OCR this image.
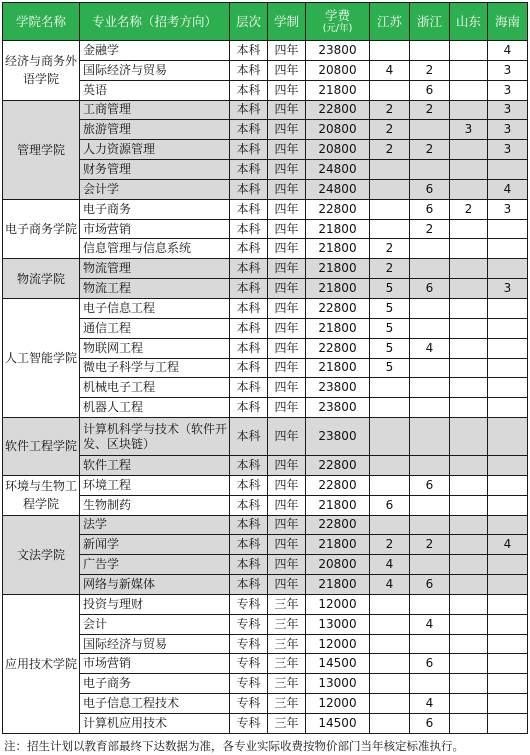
学院名称	专业名称（招考方向）	层次	学制	学费
(元/年)	江苏	浙江	山东	海南
经济与商务外语学院	金融学	本科	四年	23800				4
	国际经济与贸易	本科	四年	20800	4	2		3
	英语	本科	四年	21800		6		3
管理学院	工商管理	本科	四年	22800	2	2		3
	旅游管理	本科	四年	20800	2		3	3
	人力资源管理	本科	四年	20800	2	2		3
	财务管理	本科	四年	24800				
	会计学	本科	四年	24800		6		4
电子商务学院	电子商务	本科	四年	22800		6	2	3
	市场营销	本科	四年	21800		2		
	信息管理与信息系统	本科	四年	21800	2			
物流学院	物流管理	本科	四年	21800	2			
	物流工程	本科	四年	21800	5	6		3
人工智能学院	电子信息工程	本科	四年	22800	5			
	通信工程	本科	四年	21800	5			
	物联网工程	本科	四年	22800	5	4		
	微电子科学与工程	本科	四年	21800	5			
	机械电子工程	本科	四年	23800				
	机器人工程	本科	四年	23800				
软件工程学院	计算机科学与技术（软件开发、区块链）	本科	四年	23800				
	软件工程	本科	四年	22800				
环境与生物工程学院	环境工程	本科	四年	22800		6		
	生物制药	本科	四年	21800	6			
文法学院	法学	本科	四年	22800				
	新闻学	本科	四年	21800	2	2		4
	广告学	本科	四年	20800	4			
	网络与新媒体	本科	四年	21800	4	6		
应用技术学院	投资与理财	专科	三年	12000				
	会计	专科	三年	13000		4		
	国际经济与贸易	专科	三年	12000				
	市场营销	专科	三年	14500		6		
	电子商务	专科	三年	13000				
	电子信息工程技术	专科	三年	12000		4		
	计算机应用技术	专科	三年	14500		6		
注：招生计划以教育部最终下达数据为准，各专业实际收费按物价部门当年核定标准执行。
